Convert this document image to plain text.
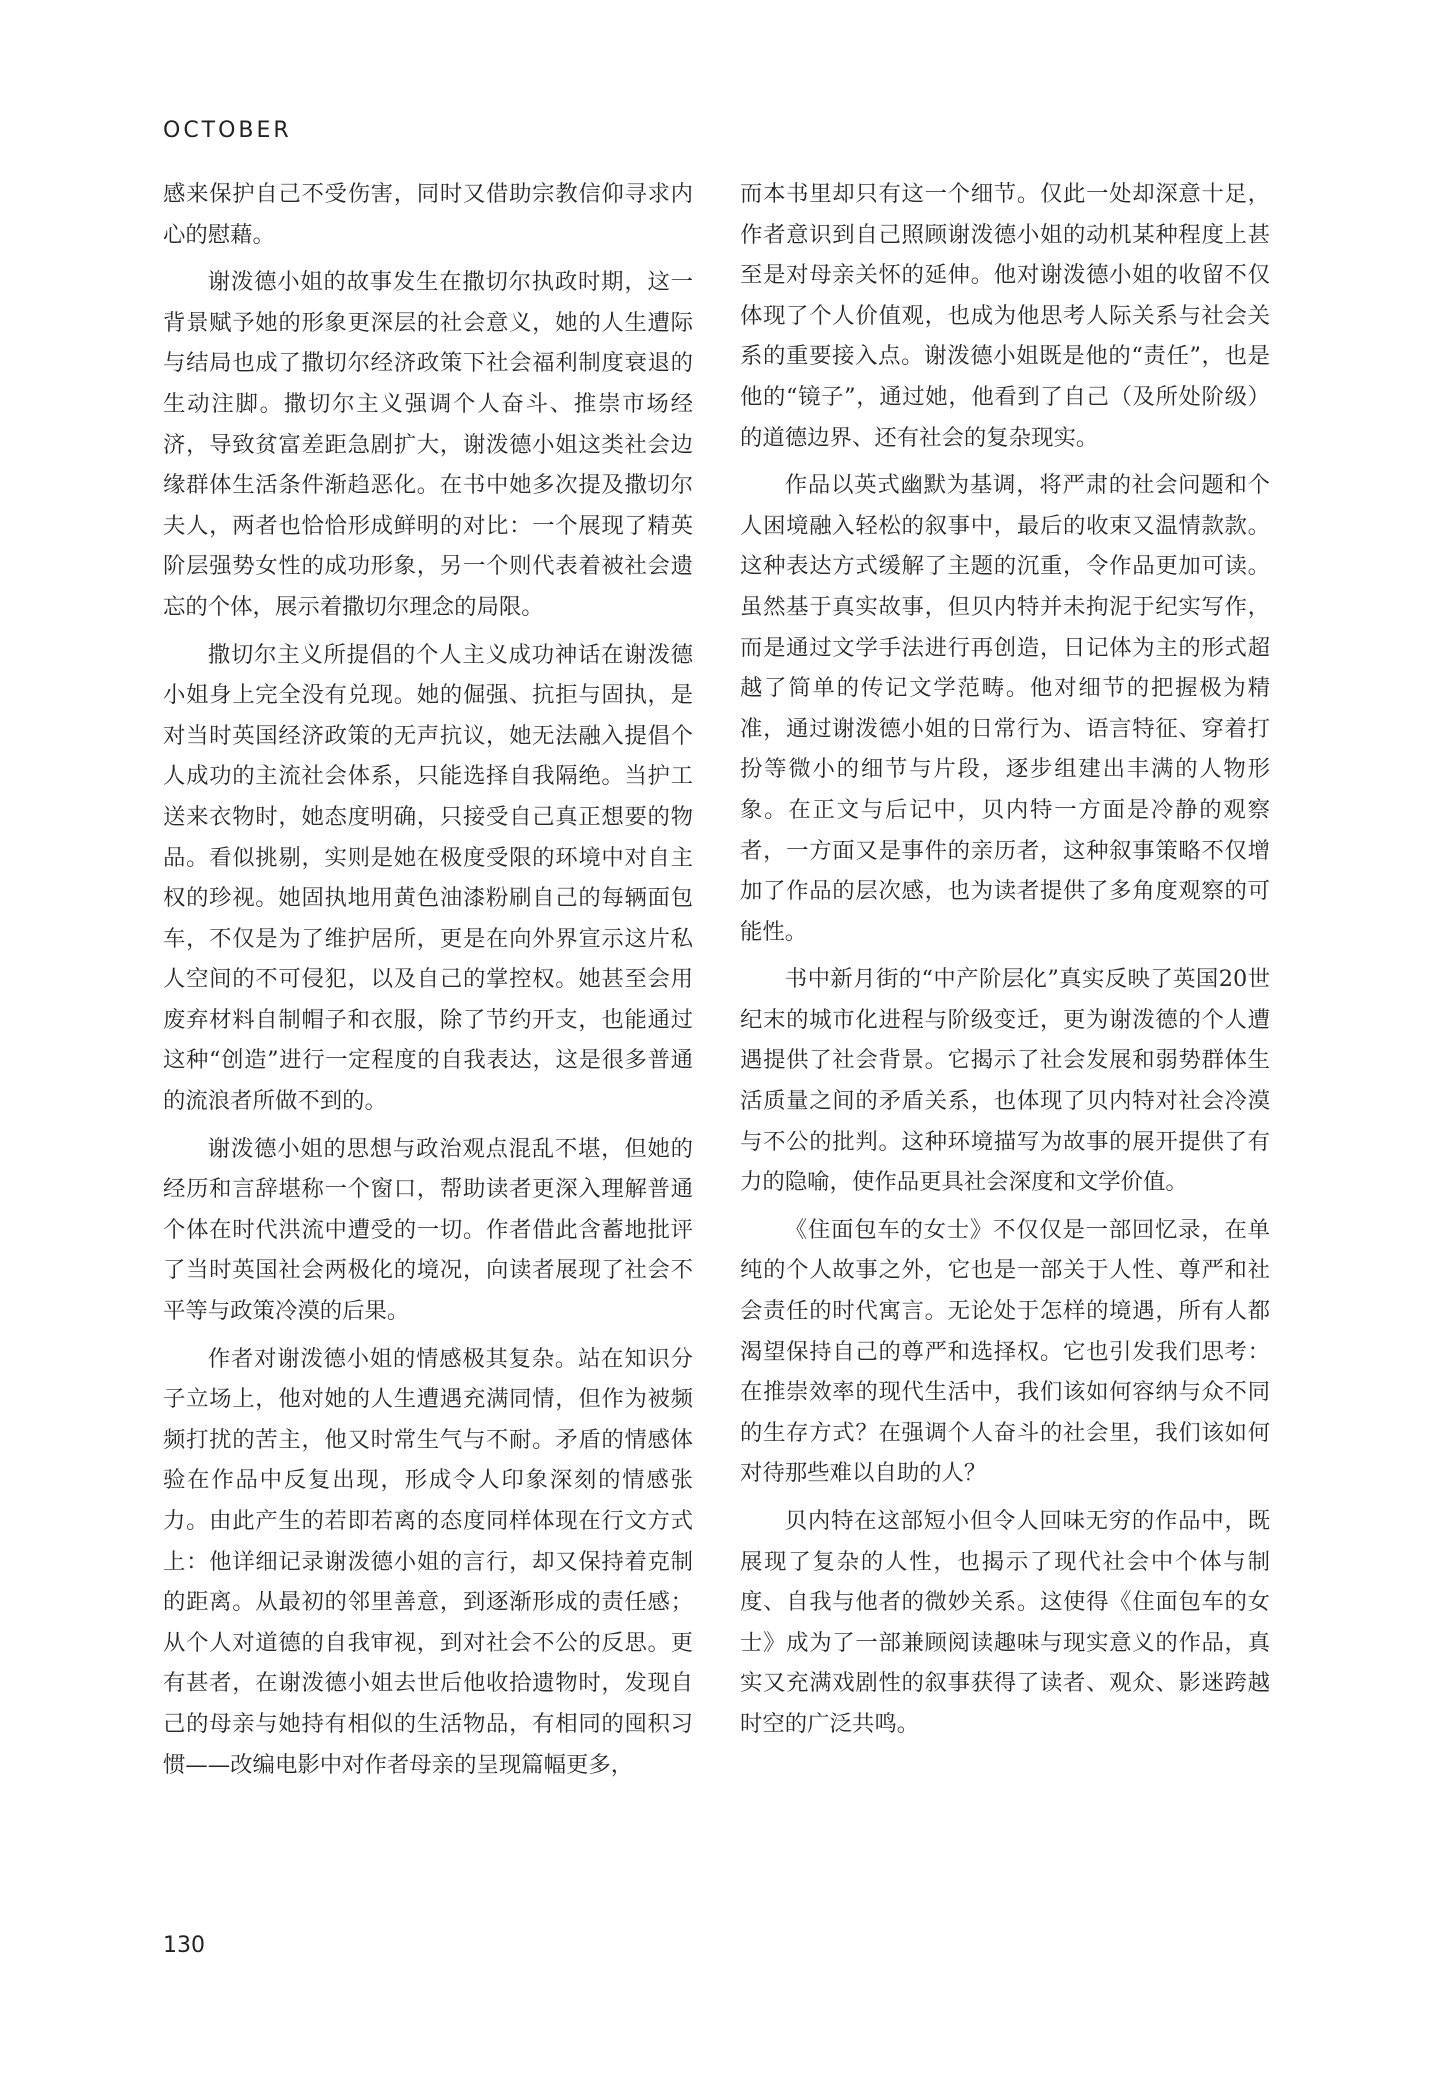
OCTOBER

感来保护自己不受伤害，同时又借助宗教信仰寻求内心的慰藉。

谢泼德小姐的故事发生在撒切尔执政时期，这一背景赋予她的形象更深层的社会意义，她的人生遭际与结局也成了撒切尔经济政策下社会福利制度衰退的生动注脚。撒切尔主义强调个人奋斗、推崇市场经济，导致贫富差距急剧扩大，谢泼德小姐这类社会边缘群体生活条件渐趋恶化。在书中她多次提及撒切尔夫人，两者也恰恰形成鲜明的对比：一个展现了精英阶层强势女性的成功形象，另一个则代表着被社会遗忘的个体，展示着撒切尔理念的局限。

撒切尔主义所提倡的个人主义成功神话在谢泼德小姐身上完全没有兑现。她的倔强、抗拒与固执，是对当时英国经济政策的无声抗议，她无法融入提倡个人成功的主流社会体系，只能选择自我隔绝。当护工送来衣物时，她态度明确，只接受自己真正想要的物品。看似挑剔，实则是她在极度受限的环境中对自主权的珍视。她固执地用黄色油漆粉刷自己的每辆面包车，不仅是为了维护居所，更是在向外界宣示这片私人空间的不可侵犯，以及自己的掌控权。她甚至会用废弃材料自制帽子和衣服，除了节约开支，也能通过这种“创造”进行一定程度的自我表达，这是很多普通的流浪者所做不到的。

谢泼德小姐的思想与政治观点混乱不堪，但她的经历和言辞堪称一个窗口，帮助读者更深入理解普通个体在时代洪流中遭受的一切。作者借此含蓄地批评了当时英国社会两极化的境况，向读者展现了社会不平等与政策冷漠的后果。

作者对谢泼德小姐的情感极其复杂。站在知识分子立场上，他对她的人生遭遇充满同情，但作为被频频打扰的苦主，他又时常生气与不耐。矛盾的情感体验在作品中反复出现，形成令人印象深刻的情感张力。由此产生的若即若离的态度同样体现在行文方式上：他详细记录谢泼德小姐的言行，却又保持着克制的距离。从最初的邻里善意，到逐渐形成的责任感；从个人对道德的自我审视，到对社会不公的反思。更有甚者，在谢泼德小姐去世后他收拾遗物时，发现自己的母亲与她持有相似的生活物品，有相同的囤积习惯——改编电影中对作者母亲的呈现篇幅更多，

而本书里却只有这一个细节。仅此一处却深意十足，作者意识到自己照顾谢泼德小姐的动机某种程度上甚至是对母亲关怀的延伸。他对谢泼德小姐的收留不仅体现了个人价值观，也成为他思考人际关系与社会关系的重要接入点。谢泼德小姐既是他的“责任”，也是他的“镜子”，通过她，他看到了自己（及所处阶级）的道德边界、还有社会的复杂现实。

作品以英式幽默为基调，将严肃的社会问题和个人困境融入轻松的叙事中，最后的收束又温情款款。这种表达方式缓解了主题的沉重，令作品更加可读。虽然基于真实故事，但贝内特并未拘泥于纪实写作，而是通过文学手法进行再创造，日记体为主的形式超越了简单的传记文学范畴。他对细节的把握极为精准，通过谢泼德小姐的日常行为、语言特征、穿着打扮等微小的细节与片段，逐步组建出丰满的人物形象。在正文与后记中，贝内特一方面是冷静的观察者，一方面又是事件的亲历者，这种叙事策略不仅增加了作品的层次感，也为读者提供了多角度观察的可能性。

书中新月街的“中产阶层化”真实反映了英国20世纪末的城市化进程与阶级变迁，更为谢泼德的个人遭遇提供了社会背景。它揭示了社会发展和弱势群体生活质量之间的矛盾关系，也体现了贝内特对社会冷漠与不公的批判。这种环境描写为故事的展开提供了有力的隐喻，使作品更具社会深度和文学价值。

《住面包车的女士》不仅仅是一部回忆录，在单纯的个人故事之外，它也是一部关于人性、尊严和社会责任的时代寓言。无论处于怎样的境遇，所有人都渴望保持自己的尊严和选择权。它也引发我们思考：在推崇效率的现代生活中，我们该如何容纳与众不同的生存方式？在强调个人奋斗的社会里，我们该如何对待那些难以自助的人？

贝内特在这部短小但令人回味无穷的作品中，既展现了复杂的人性，也揭示了现代社会中个体与制度、自我与他者的微妙关系。这使得《住面包车的女士》成为了一部兼顾阅读趣味与现实意义的作品，真实又充满戏剧性的叙事获得了读者、观众、影迷跨越时空的广泛共鸣。

130
